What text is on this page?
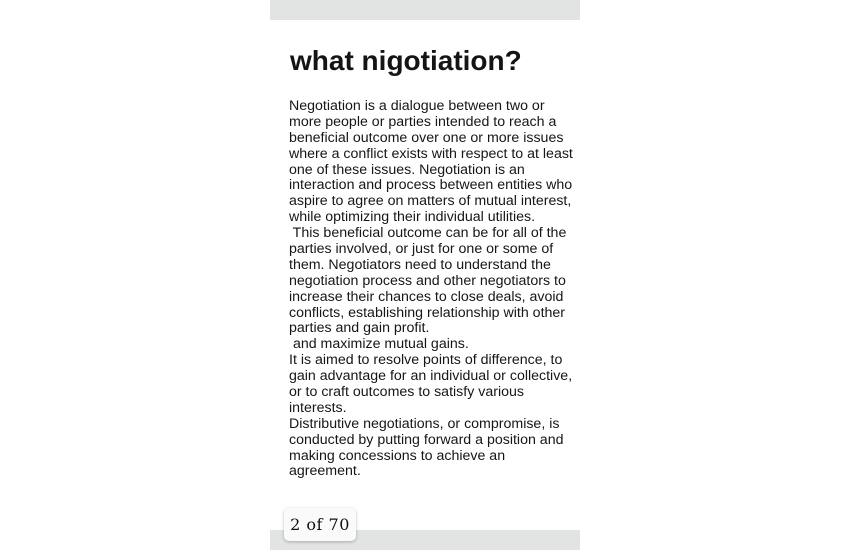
what nigotiation?
Negotiation is a dialogue between two or
more people or parties intended to reach a
beneficial outcome over one or more issues
where a conflict exists with respect to at least
one of these issues. Negotiation is an
interaction and process between entities who
aspire to agree on matters of mutual interest,
while optimizing their individual utilities.
This beneficial outcome can be for all of the
parties involved, or just for one or some of
them. Negotiators need to understand the
negotiation process and other negotiators to
increase their chances to close deals, avoid
conflicts, establishing relationship with other
parties and gain profit.
and maximize mutual gains.
It is aimed to resolve points of difference, to
gain advantage for an individual or collective,
or to craft outcomes to satisfy various
interests.
Distributive negotiations, or compromise, is
conducted by putting forward a position and
making concessions to achieve an
agreement.
2 of 70
